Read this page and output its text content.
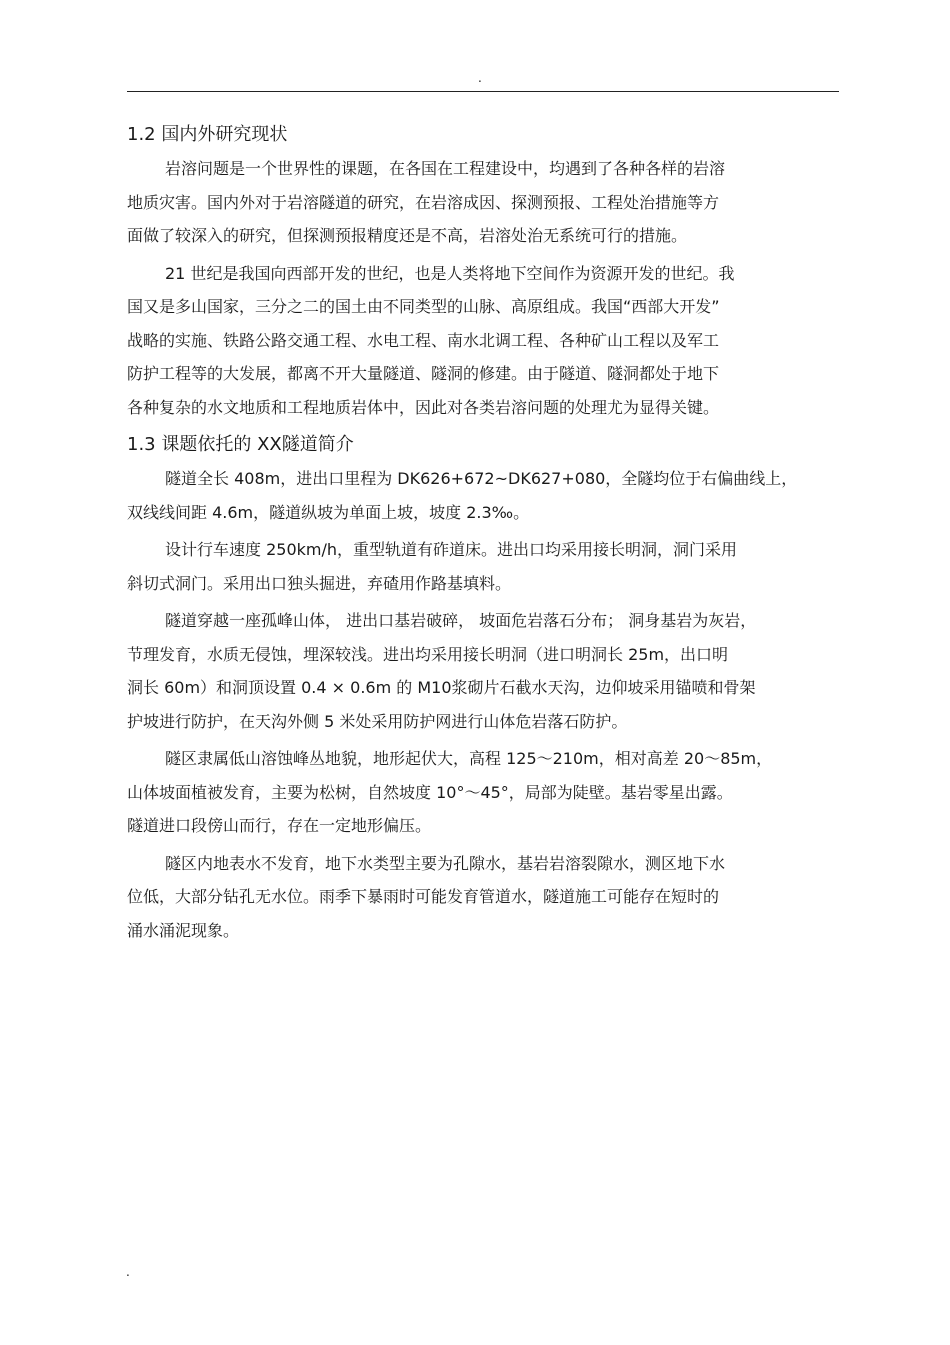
.
1.2 国内外研究现状
岩溶问题是一个世界性的课题，在各国在工程建设中，均遇到了各种各样的岩溶
地质灾害。国内外对于岩溶隧道的研究，在岩溶成因、探测预报、工程处治措施等方
面做了较深入的研究，但探测预报精度还是不高，岩溶处治无系统可行的措施。
21 世纪是我国向西部开发的世纪，也是人类将地下空间作为资源开发的世纪。我
国又是多山国家，三分之二的国土由不同类型的山脉、高原组成。我国“西部大开发”
战略的实施、铁路公路交通工程、水电工程、南水北调工程、各种矿山工程以及军工
防护工程等的大发展，都离不开大量隧道、隧洞的修建。由于隧道、隧洞都处于地下
各种复杂的水文地质和工程地质岩体中，因此对各类岩溶问题的处理尤为显得关键。
1.3 课题依托的 XX隧道简介
隧道全长 408m，进出口里程为 DK626+672~DK627+080，全隧均位于右偏曲线上，
双线线间距 4.6m，隧道纵坡为单面上坡，坡度 2.3‰。
设计行车速度 250km/h，重型轨道有砟道床。进出口均采用接长明洞，洞门采用
斜切式洞门。采用出口独头掘进，弃碴用作路基填料。
隧道穿越一座孤峰山体， 进出口基岩破碎， 坡面危岩落石分布； 洞身基岩为灰岩，
节理发育，水质无侵蚀，埋深较浅。进出均采用接长明洞（进口明洞长 25m，出口明
洞长 60m）和洞顶设置 0.4 × 0.6m 的 M10浆砌片石截水天沟，边仰坡采用锚喷和骨架
护坡进行防护，在天沟外侧 5 米处采用防护网进行山体危岩落石防护。
隧区隶属低山溶蚀峰丛地貌，地形起伏大，高程 125～210m，相对高差 20～85m，
山体坡面植被发育，主要为松树，自然坡度 10°～45°，局部为陡壁。基岩零星出露。
隧道进口段傍山而行，存在一定地形偏压。
隧区内地表水不发育，地下水类型主要为孔隙水，基岩岩溶裂隙水，测区地下水
位低，大部分钻孔无水位。雨季下暴雨时可能发育管道水，隧道施工可能存在短时的
涌水涌泥现象。
.
